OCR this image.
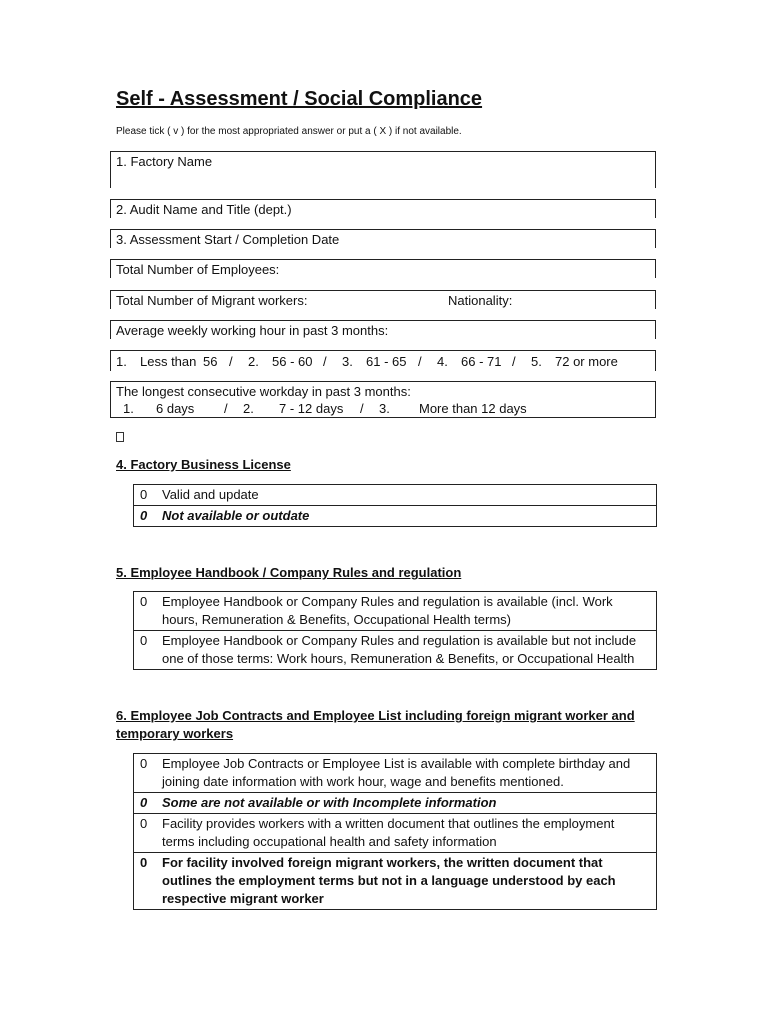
Self - Assessment / Social Compliance
Please tick ( v ) for the most appropriated answer or put a ( X ) if not available.
1. Factory Name
2. Audit Name and Title (dept.)
3. Assessment Start / Completion Date
Total Number of Employees:
Total Number of Migrant workers:	Nationality:
Average weekly working hour in past 3 months:
1. Less than 56 / 2. 56 - 60 / 3. 61 - 65 / 4. 66 - 71 / 5. 72 or more
The longest consecutive workday in past 3 months:
1. 6 days / 2. 7 - 12 days / 3. More than 12 days
4. Factory Business License
0	Valid and update
0	Not available or outdate
5. Employee Handbook / Company Rules and regulation
0	Employee Handbook or Company Rules and regulation is available (incl. Work hours, Remuneration & Benefits, Occupational Health terms)
0	Employee Handbook or Company Rules and regulation is available but not include one of those terms: Work hours, Remuneration & Benefits, or Occupational Health
6. Employee Job Contracts and Employee List including foreign migrant worker and
temporary workers
0	Employee Job Contracts or Employee List is available with complete birthday and joining date information with work hour, wage and benefits mentioned.
0	Some are not available or with Incomplete information
0	Facility provides workers with a written document that outlines the employment terms including occupational health and safety information
0	For facility involved foreign migrant workers, the written document that outlines the employment terms but not in a language understood by each respective migrant worker
